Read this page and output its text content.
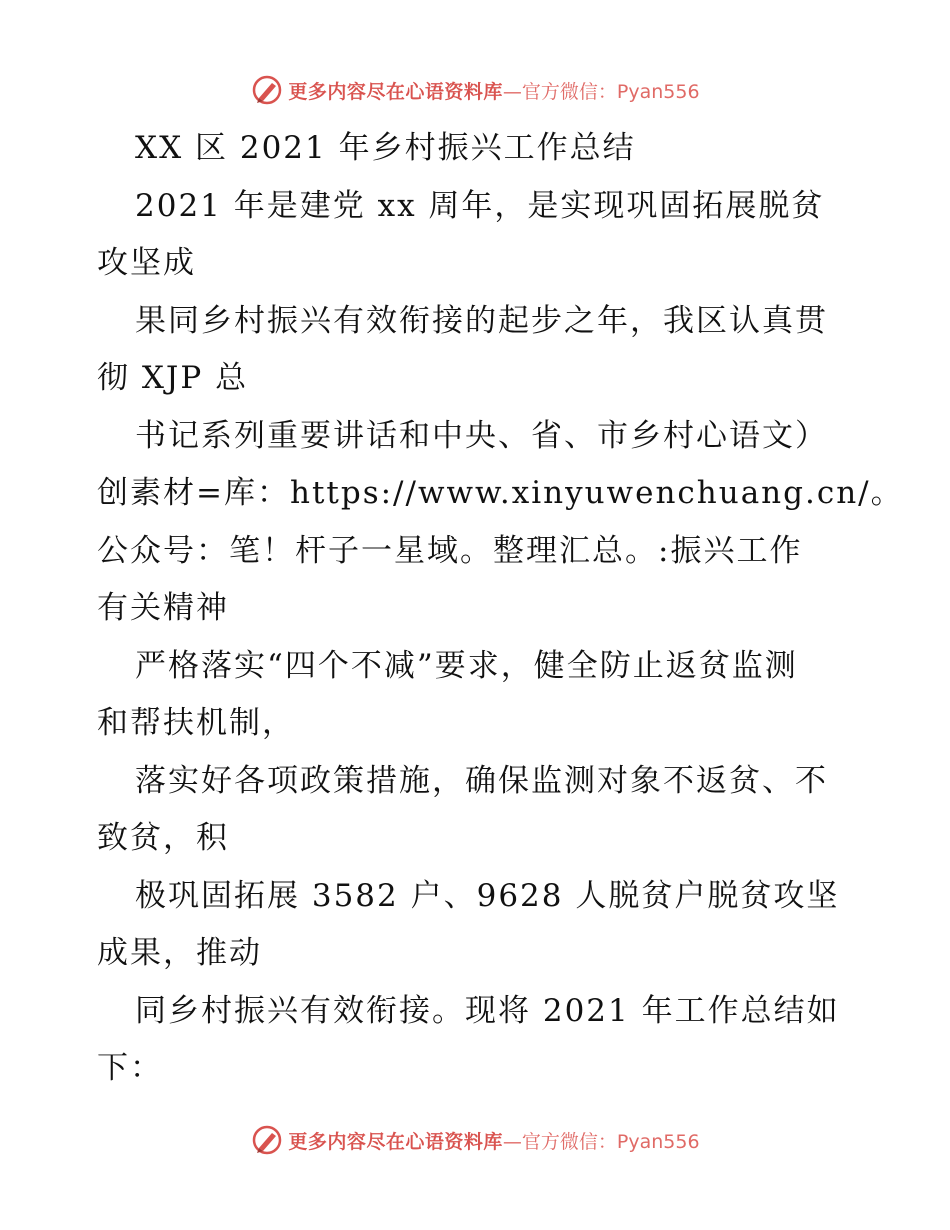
更多内容尽在心语资料库 —官方微信：Pyan556
XX 区 2021 年乡村振兴工作总结
2021 年是建党 xx 周年，是实现巩固拓展脱贫
攻坚成
果同乡村振兴有效衔接的起步之年，我区认真贯
彻 XJP 总
书记系列重要讲话和中央、省、市乡村心语文）
创素材=库：https://www.xinyuwenchuang.cn/。
公众号：笔！杆子一星域。整理汇总。:振兴工作
有关精神
严格落实“四个不减”要求，健全防止返贫监测
和帮扶机制，
落实好各项政策措施，确保监测对象不返贫、不
致贫，积
极巩固拓展 3582 户、9628 人脱贫户脱贫攻坚
成果，推动
同乡村振兴有效衔接。现将 2021 年工作总结如
下：
更多内容尽在心语资料库 —官方微信：Pyan556
